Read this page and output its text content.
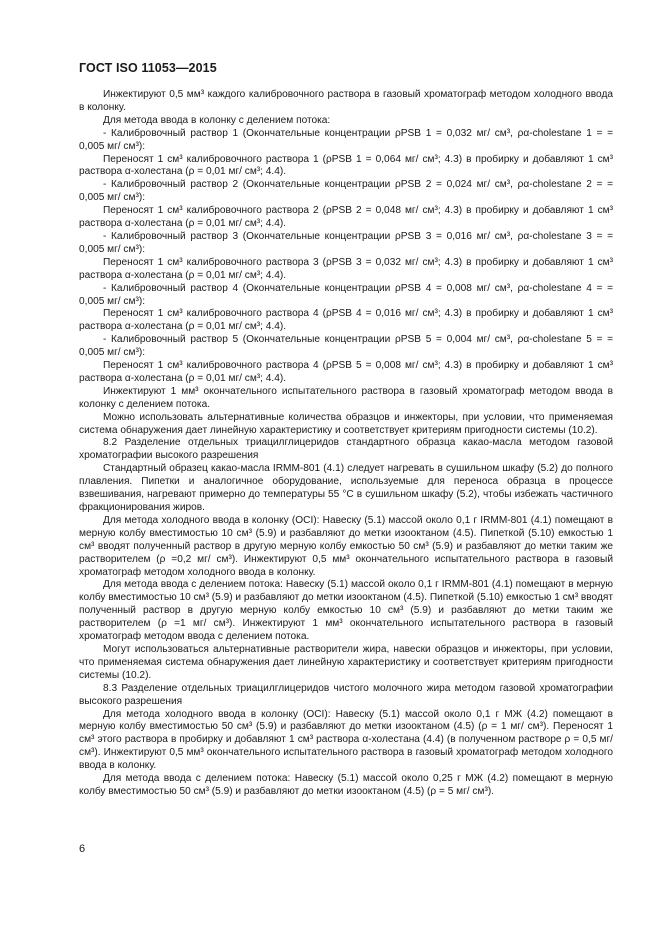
ГОСТ ISO 11053—2015

Инжектируют 0,5 мм³ каждого калибровочного раствора в газовый хроматограф методом холодного ввода в колонку.

Для метода ввода в колонку с делением потока:

- Калибровочный раствор 1 (Окончательные концентрации ρPSB 1 = 0,032 мг/ см³, ρα-cholestane 1 = = 0,005 мг/ см³):

Переносят 1 см³ калибровочного раствора 1 (ρPSB 1 = 0,064 мг/ см³; 4.3) в пробирку и добавляют 1 см³ раствора α-холестана (ρ = 0,01 мг/ см³; 4.4).

- Калибровочный раствор 2 (Окончательные концентрации ρPSB 2 = 0,024 мг/ см³, ρα-cholestane 2 = = 0,005 мг/ см³):

Переносят 1 см³ калибровочного раствора 2 (ρPSB 2 = 0,048 мг/ см³; 4.3) в пробирку и добавляют 1 см³ раствора α-холестана (ρ = 0,01 мг/ см³; 4.4).

- Калибровочный раствор 3 (Окончательные концентрации ρPSB 3 = 0,016 мг/ см³, ρα-cholestane 3 = = 0,005 мг/ см³):

Переносят 1 см³ калибровочного раствора 3 (ρPSB 3 = 0,032 мг/ см³; 4.3) в пробирку и добавляют 1 см³ раствора α-холестана (ρ = 0,01 мг/ см³; 4.4).

- Калибровочный раствор 4 (Окончательные концентрации ρPSB 4 = 0,008 мг/ см³, ρα-cholestane 4 = = 0,005 мг/ см³):

Переносят 1 см³ калибровочного раствора 4 (ρPSB 4 = 0,016 мг/ см³; 4.3) в пробирку и добавляют 1 см³ раствора α-холестана (ρ = 0,01 мг/ см³; 4.4).

- Калибровочный раствор 5 (Окончательные концентрации ρPSB 5 = 0,004 мг/ см³, ρα-cholestane 5 = = 0,005 мг/ см³):

Переносят 1 см³ калибровочного раствора 4 (ρPSB 5 = 0,008 мг/ см³; 4.3) в пробирку и добавляют 1 см³ раствора α-холестана (ρ = 0,01 мг/ см³; 4.4).

Инжектируют 1 мм³ окончательного испытательного раствора в газовый хроматограф методом ввода в колонку с делением потока.

Можно использовать альтернативные количества образцов и инжекторы, при условии, что применяемая система обнаружения дает линейную характеристику и соответствует критериям пригодности системы (10.2).

8.2 Разделение отдельных триацилглицеридов стандартного образца какао-масла методом газовой хроматографии высокого разрешения

Стандартный образец какао-масла IRMM-801 (4.1) следует нагревать в сушильном шкафу (5.2) до полного плавления. Пипетки и аналогичное оборудование, используемые для переноса образца в процессе взвешивания, нагревают примерно до температуры 55 °С в сушильном шкафу (5.2), чтобы избежать частичного фракционирования жиров.

Для метода холодного ввода в колонку (OCI): Навеску (5.1) массой около 0,1 г IRMM-801 (4.1) помещают в мерную колбу вместимостью 10 см³ (5.9) и разбавляют до метки изооктаном (4.5). Пипеткой (5.10) емкостью 1 см³ вводят полученный раствор в другую мерную колбу емкостью 50 см³ (5.9) и разбавляют до метки таким же растворителем (ρ =0,2 мг/ см³). Инжектируют 0,5 мм³ окончательного испытательного раствора в газовый хроматограф методом холодного ввода в колонку.

Для метода ввода с делением потока: Навеску (5.1) массой около 0,1 г IRMM-801 (4.1) помещают в мерную колбу вместимостью 10 см³ (5.9) и разбавляют до метки изооктаном (4.5). Пипеткой (5.10) емкостью 1 см³ вводят полученный раствор в другую мерную колбу емкостью 10 см³ (5.9) и разбавляют до метки таким же растворителем (ρ =1 мг/ см³). Инжектируют 1 мм³ окончательного испытательного раствора в газовый хроматограф методом ввода с делением потока.

Могут использоваться альтернативные растворители жира, навески образцов и инжекторы, при условии, что применяемая система обнаружения дает линейную характеристику и соответствует критериям пригодности системы (10.2).

8.3 Разделение отдельных триацилглицеридов чистого молочного жира методом газовой хроматографии высокого разрешения

Для метода холодного ввода в колонку (OCI): Навеску (5.1) массой около 0,1 г МЖ (4.2) помещают в мерную колбу вместимостью 50 см³ (5.9) и разбавляют до метки изооктаном (4.5) (ρ = 1 мг/ см³). Переносят 1 см³ этого раствора в пробирку и добавляют 1 см³ раствора α-холестана (4.4) (в полученном растворе ρ = 0,5 мг/ см³). Инжектируют 0,5 мм³ окончательного испытательного раствора в газовый хроматограф методом холодного ввода в колонку.

Для метода ввода с делением потока: Навеску (5.1) массой около 0,25 г МЖ (4.2) помещают в мерную колбу вместимостью 50 см³ (5.9) и разбавляют до метки изооктаном (4.5) (ρ = 5 мг/ см³).

6
